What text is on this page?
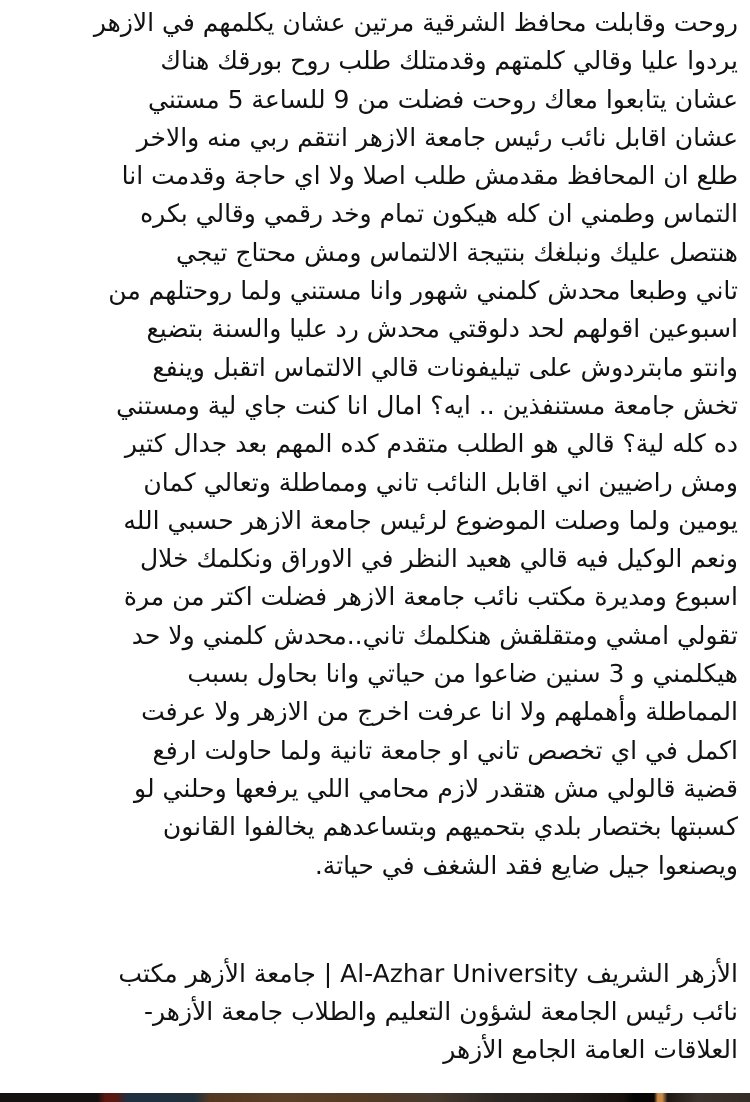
روحت وقابلت محافظ الشرقية مرتين عشان يكلمهم في الازهر
يردوا عليا وقالي كلمتهم وقدمتلك طلب روح بورقك هناك
عشان يتابعوا معاك روحت فضلت من 9 للساعة 5 مستني
عشان اقابل نائب رئيس جامعة الازهر انتقم ربي منه والاخر
طلع ان المحافظ مقدمش طلب اصلا ولا اي حاجة وقدمت انا
التماس وطمني ان كله هيكون تمام وخد رقمي وقالي بكره
هنتصل عليك ونبلغك بنتيجة الالتماس ومش محتاج تيجي
تاني وطبعا محدش كلمني شهور وانا مستني ولما روحتلهم من
اسبوعين اقولهم لحد دلوقتي محدش رد عليا والسنة بتضيع
وانتو مابتردوش على تيليفونات قالي الالتماس اتقبل وينفع
تخش جامعة مستنفذين .. ايه؟ امال انا كنت جاي لية ومستني
ده كله لية؟ قالي هو الطلب متقدم كده المهم بعد جدال كتير
ومش راضيين اني اقابل النائب تاني ومماطلة وتعالي كمان
يومين ولما وصلت الموضوع لرئيس جامعة الازهر حسبي الله
ونعم الوكيل فيه قالي هعيد النظر في الاوراق ونكلمك خلال
اسبوع ومديرة مكتب نائب جامعة الازهر فضلت اكتر من مرة
تقولي امشي ومتقلقش هنكلمك تاني..محدش كلمني ولا حد
هيكلمني و 3 سنين ضاعوا من حياتي وانا بحاول بسبب
المماطلة وأهملهم ولا انا عرفت اخرج من الازهر ولا عرفت
اكمل في اي تخصص تاني او جامعة تانية ولما حاولت ارفع
قضية قالولي مش هتقدر لازم محامي اللي يرفعها وحلني لو
كسبتها بختصار بلدي بتحميهم وبتساعدهم يخالفوا القانون
ويصنعوا جيل ضايع فقد الشغف في حياتة.
الأزهر الشريف Al-Azhar University | جامعة الأزهر مكتب
نائب رئيس الجامعة لشؤون التعليم والطلاب جامعة الأزهر-
العلاقات العامة الجامع الأزهر
